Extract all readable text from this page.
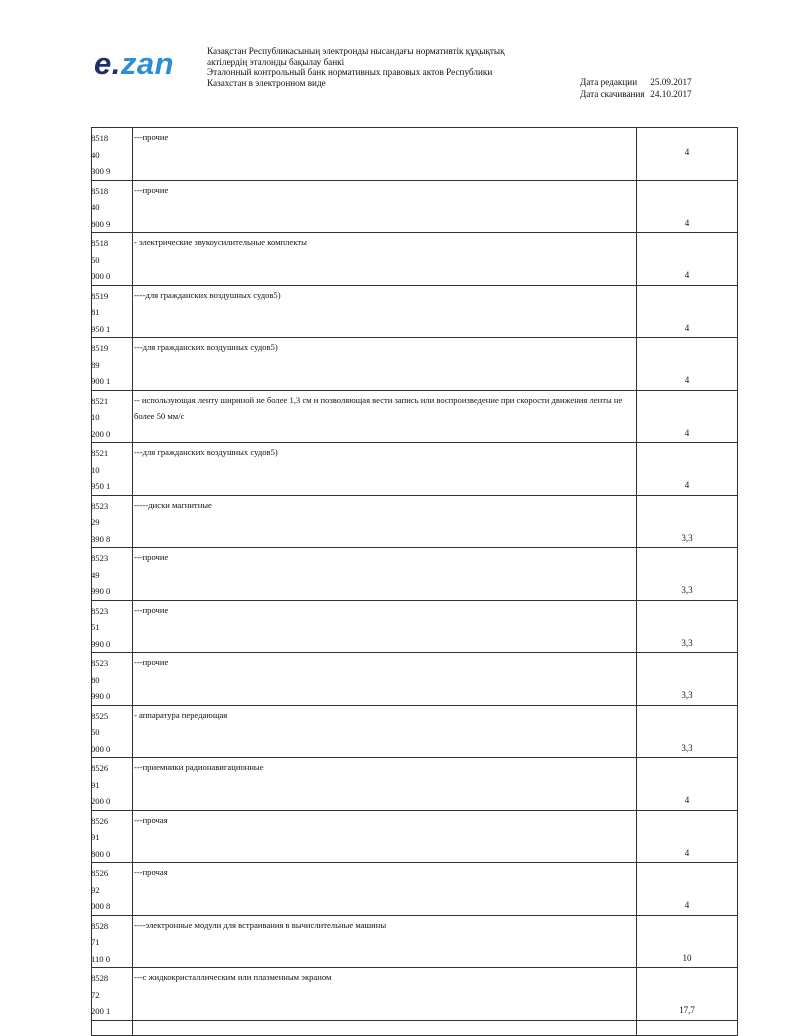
e.zan	Казақстан Республикасының электронды нысандағы нормативтік құқықтық
актілердің эталонды бақылау банкі
Эталонный контрольный банк нормативных правовых актов Республики
Казахстан в электронном виде	Дата редакции 25.09.2017
Дата скачивания 24.10.2017
8518
40
300 9	---прочие	4

8518
40
800 9	---прочие	4

8518
50
000 0	- электрические звукоусилительные комплекты	4

8519
81
950 1	----для гражданских воздушных судов5)	4

8519
89
900 1	---для гражданских воздушных судов5)	4

8521
10
200 0	-- использующая ленту шириной не более 1,3 см и позволяющая вести запись или воспроизведение при скорости движения ленты не более 50 мм/с	4

8521
10
950 1	---для гражданских воздушных судов5)	4

8523
29
390 8	-----диски магнитные	3,3

8523
49
990 0	---прочие	3,3

8523
51
990 0	---прочие	3,3

8523
80
990 0	---прочие	3,3

8525
50
000 0	- аппаратура передающая	3,3

8526
91
200 0	---приемники радионавигационные	4

8526
91
800 0	---прочая	4

8526
92
000 8	---прочая	4

8528
71
110 0	----электронные модули для встраивания в вычислительные машины	10

8528
72
200 1	---с жидкокристаллическим или плазменным экраном	17,7
